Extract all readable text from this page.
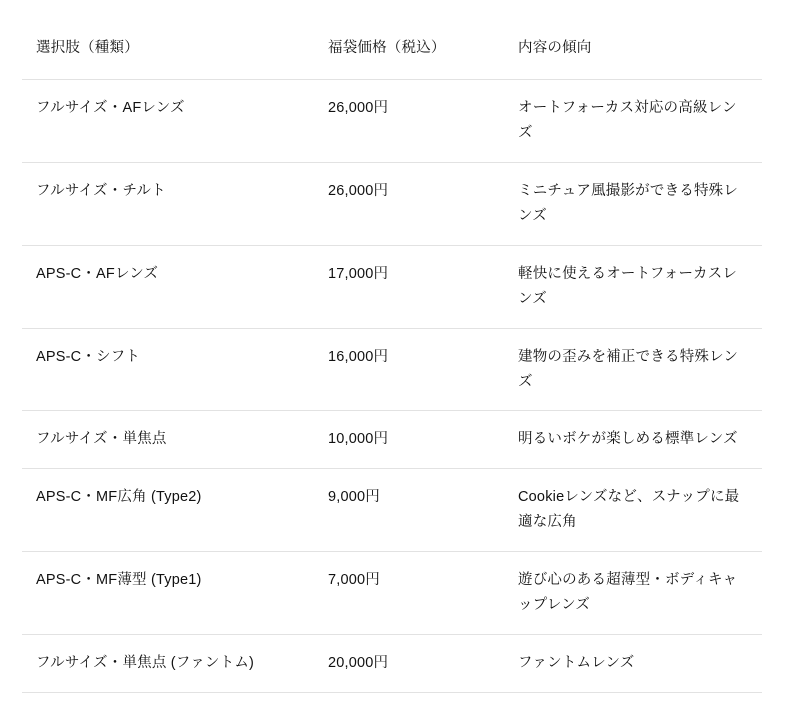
選択肢（種類）	福袋価格（税込）	内容の傾向

フルサイズ・AFレンズ	26,000円	オートフォーカス対応の高級レンズ

フルサイズ・チルト	26,000円	ミニチュア風撮影ができる特殊レンズ

APS-C・AFレンズ	17,000円	軽快に使えるオートフォーカスレンズ

APS-C・シフト	16,000円	建物の歪みを補正できる特殊レンズ

フルサイズ・単焦点	10,000円	明るいボケが楽しめる標準レンズ

APS-C・MF広角 (Type2)	9,000円	Cookieレンズなど、スナップに最適な広角

APS-C・MF薄型 (Type1)	7,000円	遊び心のある超薄型・ボディキャップレンズ

フルサイズ・単焦点 (ファントム)	20,000円	ファントムレンズ
